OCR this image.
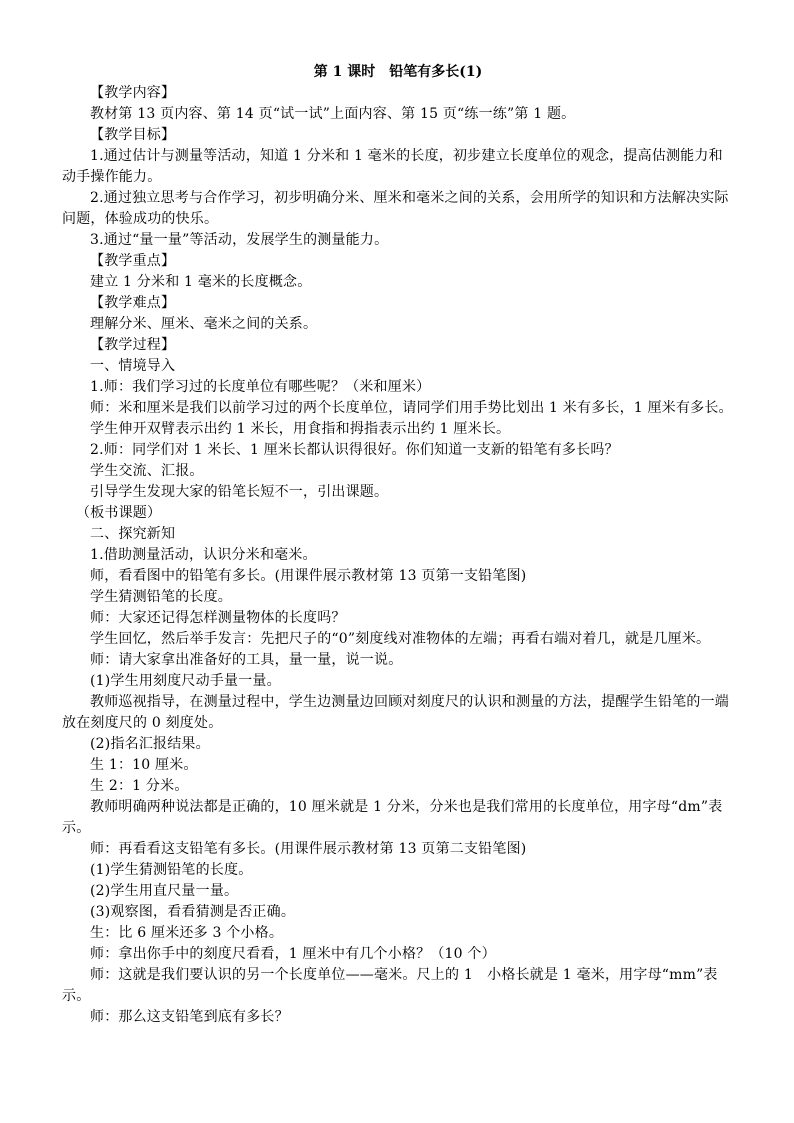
第 1 课时　铅笔有多长(1)
【教学内容】
教材第 13 页内容、第 14 页“试一试”上面内容、第 15 页“练一练”第 1 题。
【教学目标】
1.通过估计与测量等活动，知道 1 分米和 1 毫米的长度，初步建立长度单位的观念，提高估测能力和动手操作能力。
2.通过独立思考与合作学习，初步明确分米、厘米和毫米之间的关系，会用所学的知识和方法解决实际问题，体验成功的快乐。
3.通过“量一量”等活动，发展学生的测量能力。
【教学重点】
建立 1 分米和 1 毫米的长度概念。
【教学难点】
理解分米、厘米、毫米之间的关系。
【教学过程】
一、情境导入
1.师：我们学习过的长度单位有哪些呢？（米和厘米）
师：米和厘米是我们以前学习过的两个长度单位，请同学们用手势比划出 1 米有多长，1 厘米有多长。
学生伸开双臂表示出约 1 米长，用食指和拇指表示出约 1 厘米长。
2.师：同学们对 1 米长、1 厘米长都认识得很好。你们知道一支新的铅笔有多长吗？
学生交流、汇报。
引导学生发现大家的铅笔长短不一，引出课题。
（板书课题）
二、探究新知
1.借助测量活动，认识分米和毫米。
师，看看图中的铅笔有多长。(用课件展示教材第 13 页第一支铅笔图)
学生猜测铅笔的长度。
师：大家还记得怎样测量物体的长度吗？
学生回忆，然后举手发言：先把尺子的“0”刻度线对准物体的左端；再看右端对着几，就是几厘米。
师：请大家拿出准备好的工具，量一量，说一说。
(1)学生用刻度尺动手量一量。
教师巡视指导，在测量过程中，学生边测量边回顾对刻度尺的认识和测量的方法，提醒学生铅笔的一端放在刻度尺的 0 刻度处。
(2)指名汇报结果。
生 1：10 厘米。
生 2：1 分米。
教师明确两种说法都是正确的，10 厘米就是 1 分米，分米也是我们常用的长度单位，用字母“dm”表示。
师：再看看这支铅笔有多长。(用课件展示教材第 13 页第二支铅笔图)
(1)学生猜测铅笔的长度。
(2)学生用直尺量一量。
(3)观察图，看看猜测是否正确。
生：比 6 厘米还多 3 个小格。
师：拿出你手中的刻度尺看看，1 厘米中有几个小格？（10 个）
师：这就是我们要认识的另一个长度单位——毫米。尺上的 1　小格长就是 1 毫米，用字母“mm”表示。
师：那么这支铅笔到底有多长？
